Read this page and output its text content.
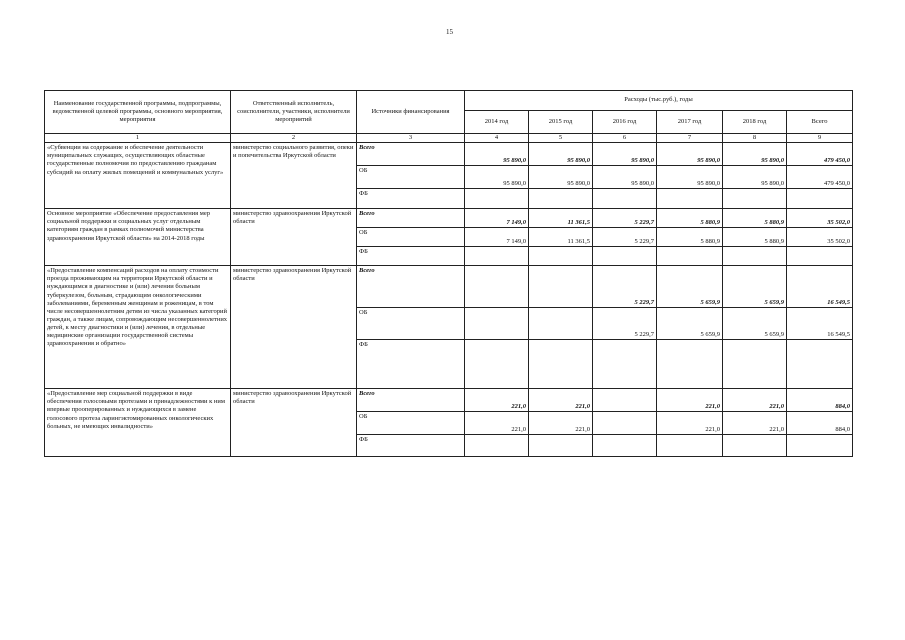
15
Наименование государственной программы, подпрограммы, ведомственной целевой программы, основного мероприятия, мероприятия	Ответственный исполнитель, соисполнители, участники, исполнители мероприятий	Источники финансирования	Расходы (тыс.руб.), годы					
			2014 год	2015 год	2016 год	2017 год	2018 год	Всего
1	2	3	4	5	6	7	8	9
«Субвенции на содержание и обеспечение деятельности муниципальных служащих, осуществляющих областные государственные полномочия по предоставлению гражданам субсидий на оплату жилых помещений и коммунальных услуг»	министерство социального развития, опеки и попечительства Иркутской области	Всего	95 890,0	95 890,0	95 890,0	95 890,0	95 890,0	479 450,0
		ОБ	95 890,0	95 890,0	95 890,0	95 890,0	95 890,0	479 450,0
		ФБ						
Основное мероприятие «Обеспечение предоставления мер социальной поддержки и социальных услуг отдельным категориям граждан в рамках полномочий министерства здравоохранения Иркутской области» на 2014-2018 годы	министерство здравоохранения Иркутской области	Всего	7 149,0	11 361,5	5 229,7	5 880,9	5 880,9	35 502,0
		ОБ	7 149,0	11 361,5	5 229,7	5 880,9	5 880,9	35 502,0
		ФБ						
«Предоставление компенсаций расходов на оплату стоимости проезда проживающим на территории Иркутской области и нуждающимся в диагностике и (или) лечении больным туберкулезом, больным, страдающим онкологическими заболеваниями, беременным женщинам и роженицам, в том числе несовершеннолетним детям из числа указанных категорий граждан, а также лицам, сопровождающим несовершеннолетних детей, к месту диагностики и (или) лечения, в отдельные медицинские организации государственной системы здравоохранения и обратно»	министерство здравоохранения Иркутской области	Всего			5 229,7	5 659,9	5 659,9	16 549,5
		ОБ			5 229,7	5 659,9	5 659,9	16 549,5
		ФБ						
«Предоставление мер социальной поддержки в виде обеспечения голосовыми протезами и принадлежностями к ним впервые проопериpованных и нуждающихся в замене голосового протеза ларингэктомированных онкологических больных, не имеющих инвалидности»	министерство здравоохранения Иркутской области	Всего	221,0	221,0		221,0	221,0	884,0
		ОБ	221,0	221,0		221,0	221,0	884,0
		ФБ						
